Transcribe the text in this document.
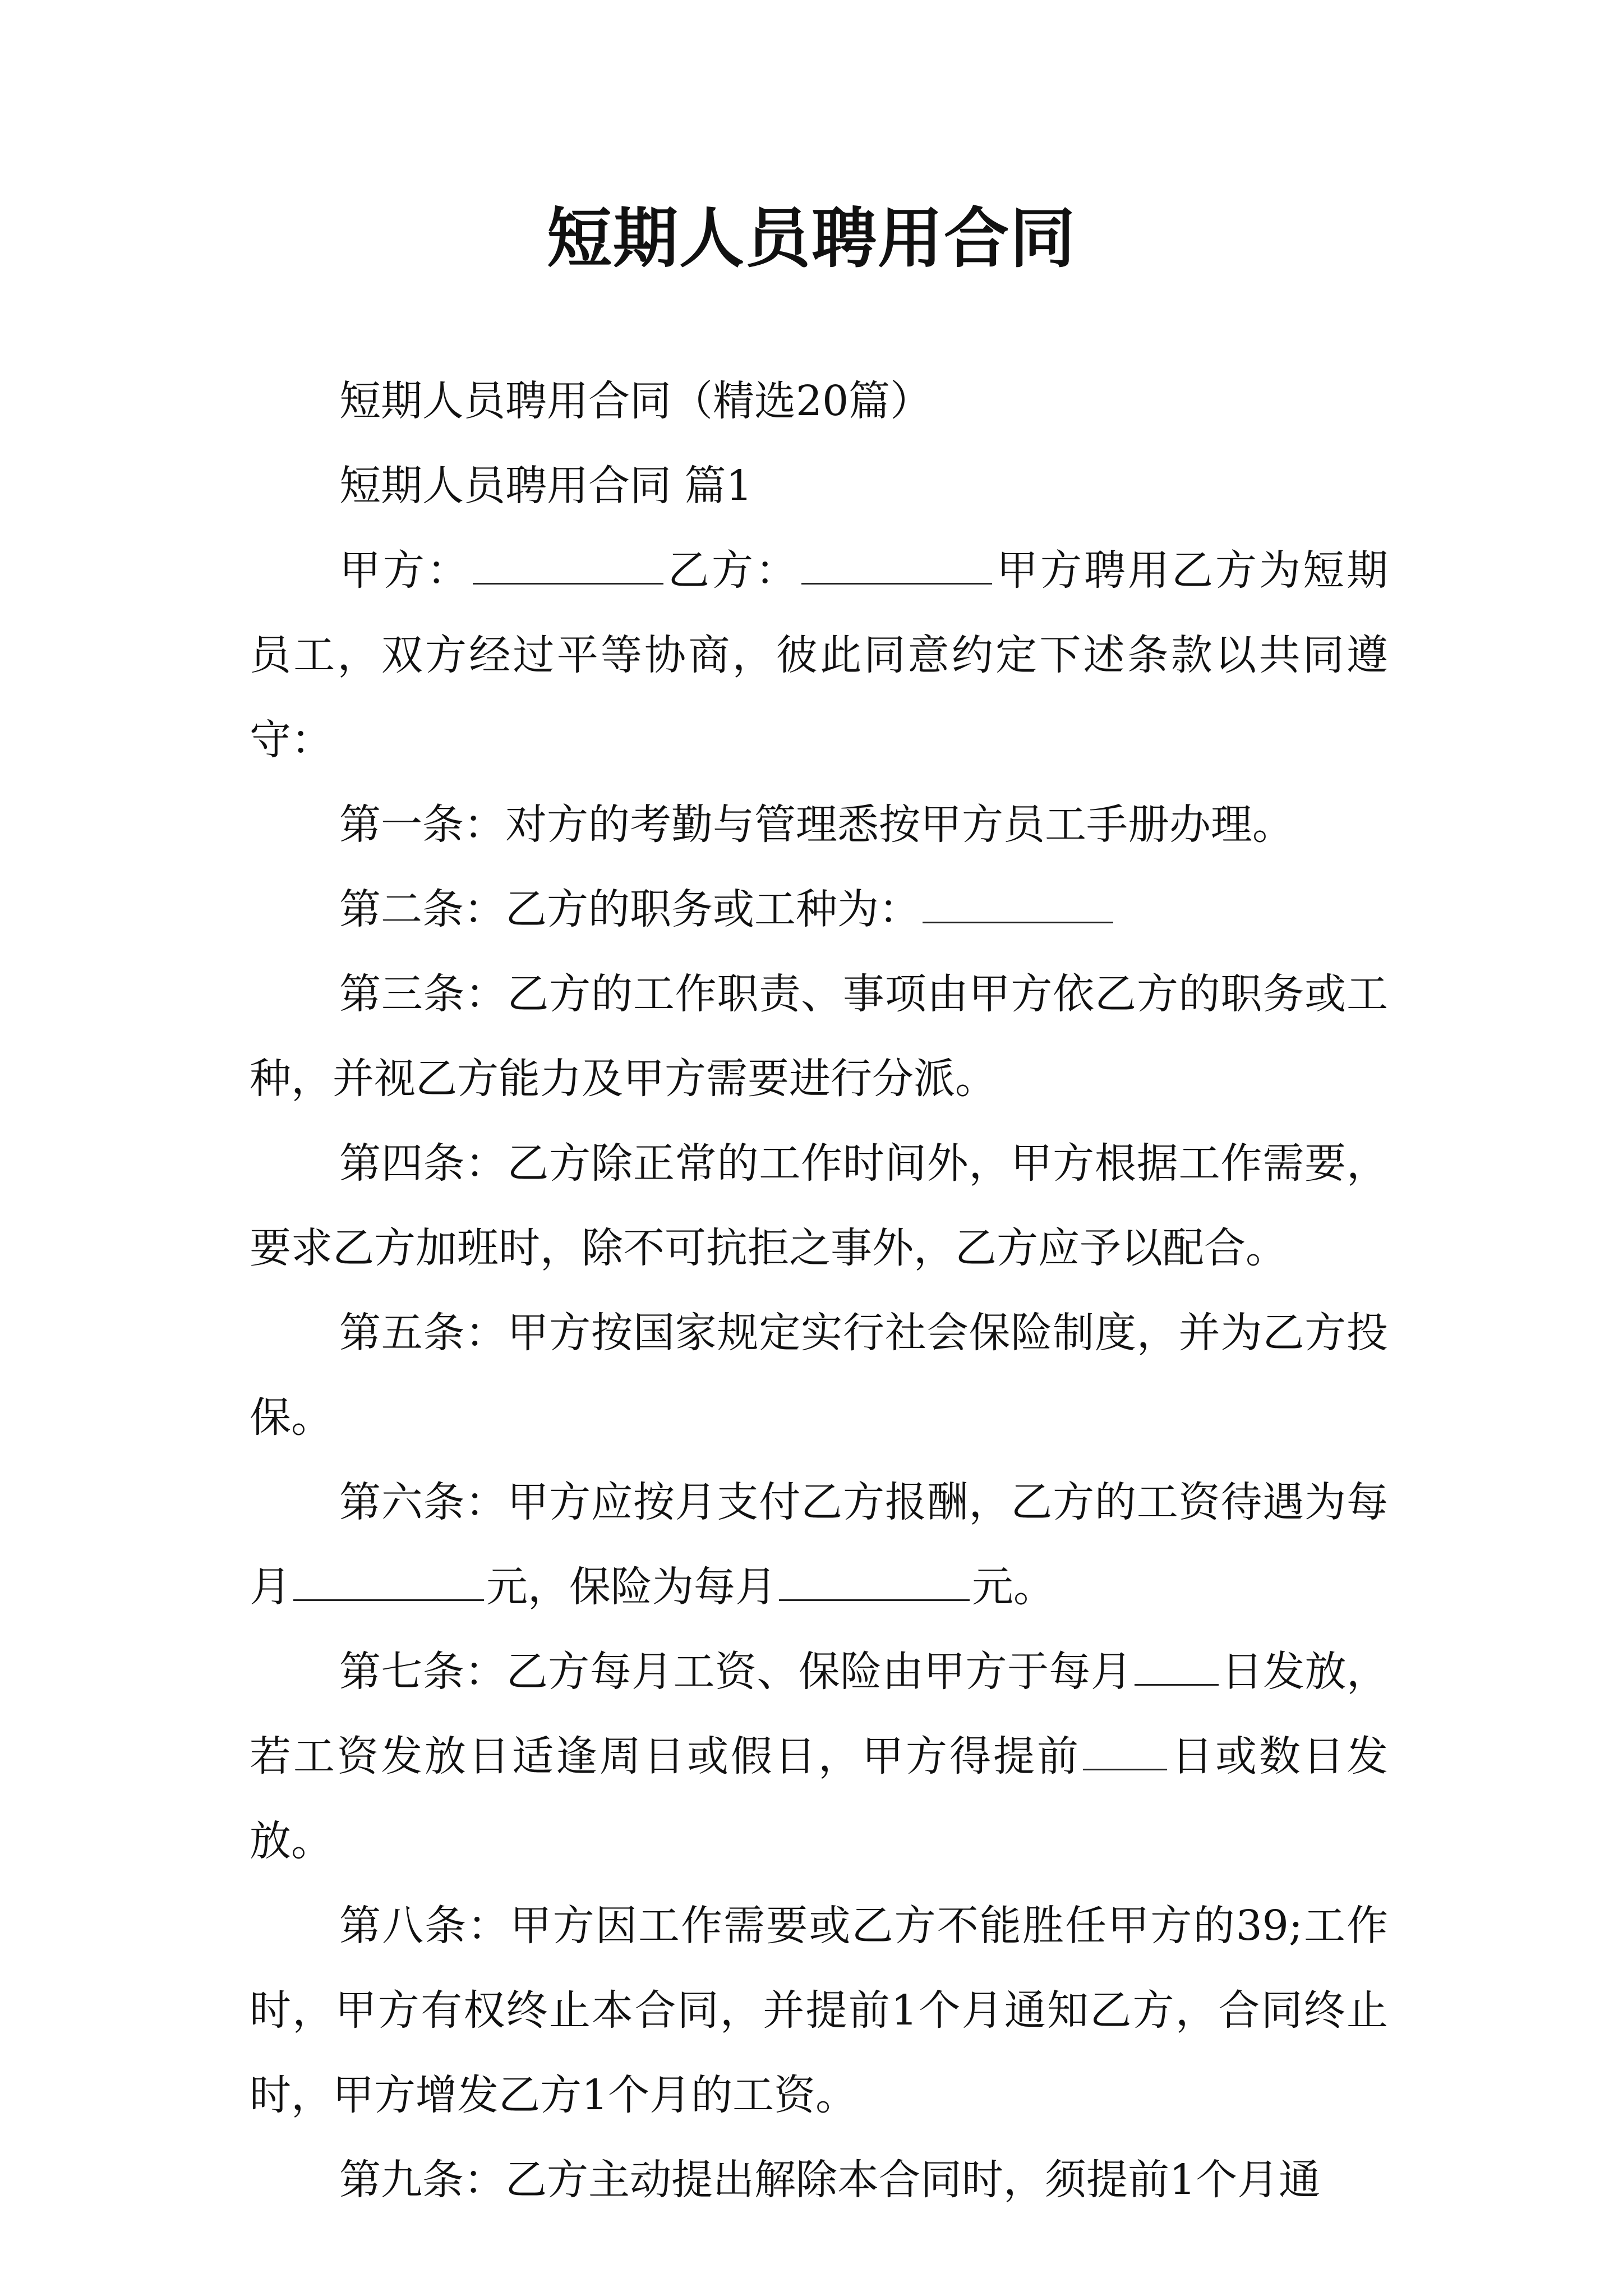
短期人员聘用合同

短期人员聘用合同（精选20篇）

短期人员聘用合同 篇1

甲方：	乙方：	甲方聘用乙方为短期员工，双方经过平等协商，彼此同意约定下述条款以共同遵守：

第一条：对方的考勤与管理悉按甲方员工手册办理。

第二条：乙方的职务或工种为：

第三条：乙方的工作职责、事项由甲方依乙方的职务或工种，并视乙方能力及甲方需要进行分派。

第四条：乙方除正常的工作时间外，甲方根据工作需要，要求乙方加班时，除不可抗拒之事外，乙方应予以配合。

第五条：甲方按国家规定实行社会保险制度，并为乙方投保。

第六条：甲方应按月支付乙方报酬，乙方的工资待遇为每月	元，保险为每月	元。

第七条：乙方每月工资、保险由甲方于每月 日发放，若工资发放日适逢周日或假日，甲方得提前 日或数日发放。

第八条：甲方因工作需要或乙方不能胜任甲方的39;工作时，甲方有权终止本合同，并提前1个月通知乙方，合同终止时，甲方增发乙方1个月的工资。

第九条：乙方主动提出解除本合同时，须提前1个月通
